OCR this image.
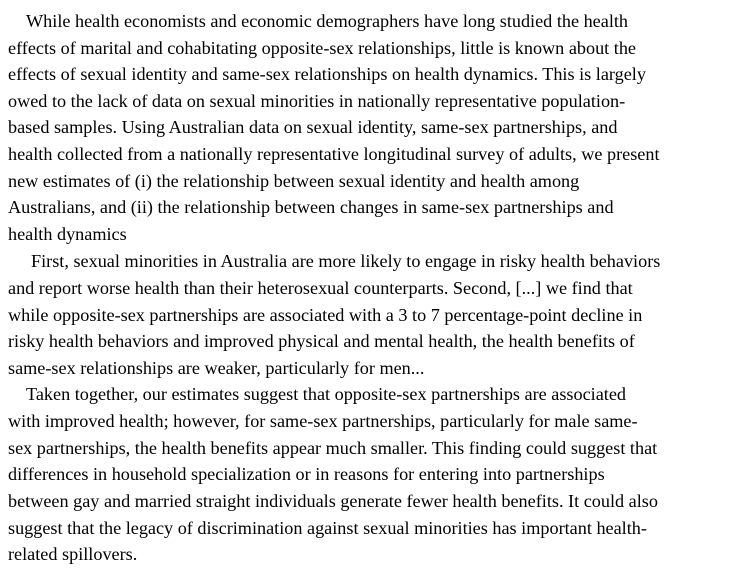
While health economists and economic demographers have long studied the health

effects of marital and cohabitating opposite-sex relationships, little is known about the

effects of sexual identity and same-sex relationships on health dynamics. This is largely

owed to the lack of data on sexual minorities in nationally representative population-

based samples. Using Australian data on sexual identity, same-sex partnerships, and

health collected from a nationally representative longitudinal survey of adults, we present

new estimates of (i) the relationship between sexual identity and health among

Australians, and (ii) the relationship between changes in same-sex partnerships and

health dynamics

First, sexual minorities in Australia are more likely to engage in risky health behaviors

and report worse health than their heterosexual counterparts. Second, [...] we find that

while opposite-sex partnerships are associated with a 3 to 7 percentage-point decline in

risky health behaviors and improved physical and mental health, the health benefits of

same-sex relationships are weaker, particularly for men...

Taken together, our estimates suggest that opposite-sex partnerships are associated

with improved health; however, for same-sex partnerships, particularly for male same-

sex partnerships, the health benefits appear much smaller. This finding could suggest that

differences in household specialization or in reasons for entering into partnerships

between gay and married straight individuals generate fewer health benefits. It could also

suggest that the legacy of discrimination against sexual minorities has important health-

related spillovers.
